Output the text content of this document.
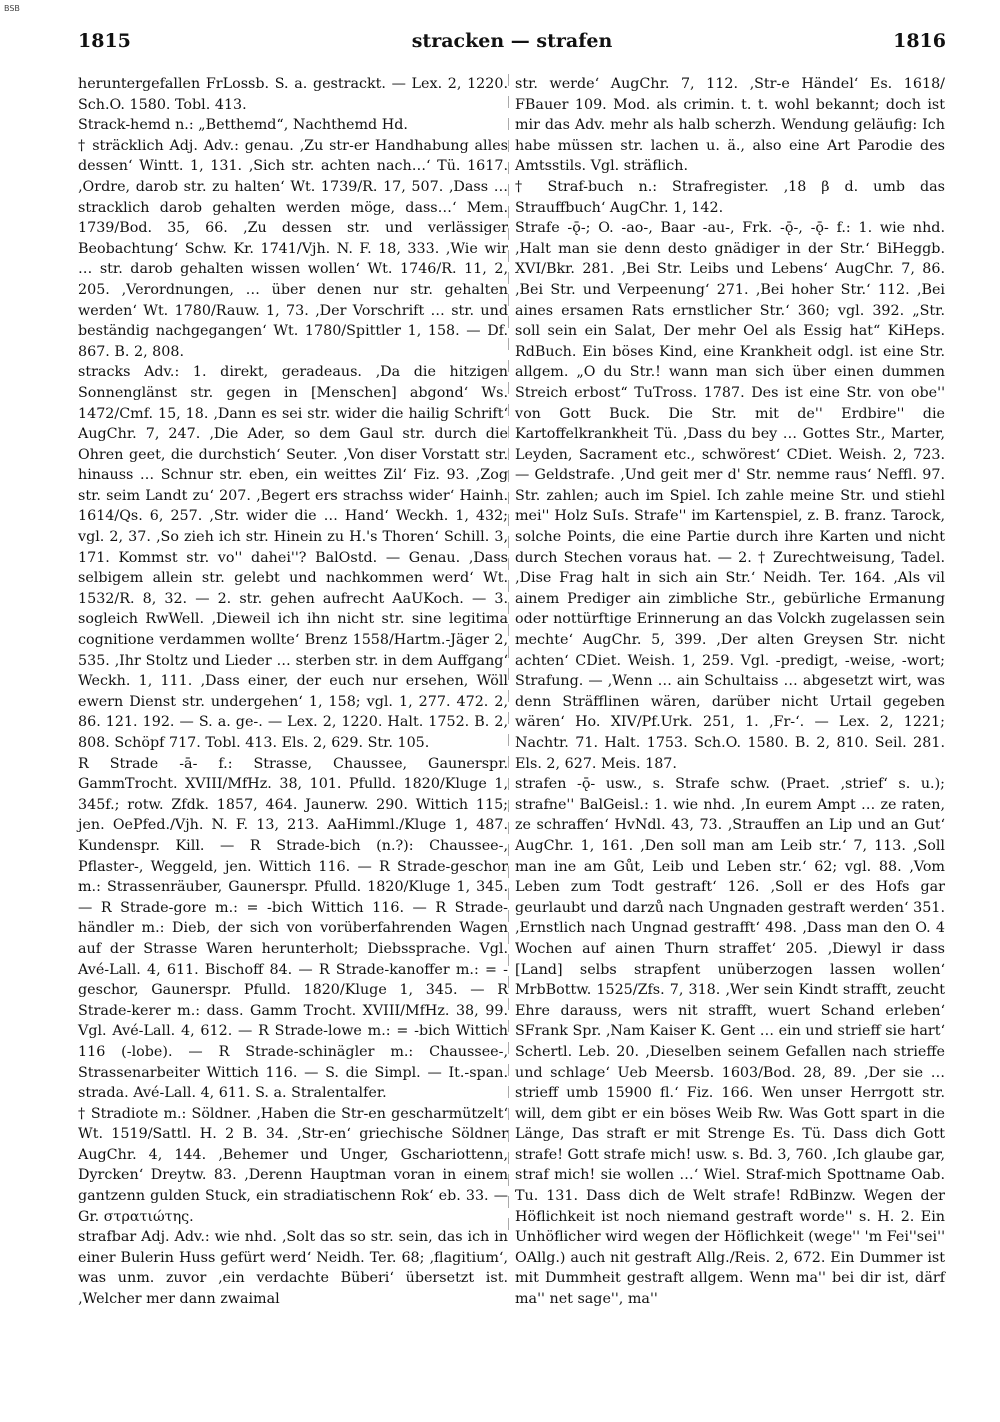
BSB
1815	stracken — strafen	1816

heruntergefallen FrLossb. S. a. gestrackt. — Lex. 2, 1220. Sch.O. 1580. Tobl. 413.

Strack-hemd n.: „Betthemd“, Nachthemd Hd.

† sträcklich Adj. Adv.: genau. ‚Zu str-er Handhabung alles dessen‘ Wintt. 1, 131. ‚Sich str. achten nach…‘ Tü. 1617. ‚Ordre, darob str. zu halten‘ Wt. 1739/R. 17, 507. ‚Dass … stracklich darob gehalten werden möge, dass…‘ Mem. 1739/Bod. 35, 66. ‚Zu dessen str. und verlässiger Beobachtung‘ Schw. Kr. 1741/Vjh. N. F. 18, 333. ‚Wie wir … str. darob gehalten wissen wollen‘ Wt. 1746/R. 11, 2, 205. ‚Verordnungen, … über denen nur str. gehalten werden‘ Wt. 1780/Rauw. 1, 73. ‚Der Vorschrift … str. und beständig nachgegangen‘ Wt. 1780/Spittler 1, 158. — Df. 867. B. 2, 808.

stracks Adv.: 1. direkt, geradeaus. ‚Da die hitzigen Sonnenglänst str. gegen in [Menschen] abgond‘ Ws. 1472/Cmf. 15, 18. ‚Dann es sei str. wider die hailig Schrift‘ AugChr. 7, 247. ‚Die Ader, so dem Gaul str. durch die Ohren geet, die durchstich‘ Seuter. ‚Von diser Vorstatt str. hinauss … Schnur str. eben, ein weittes Zil‘ Fiz. 93. ‚Zog str. seim Landt zu‘ 207. ‚Begert ers strachss wider‘ Hainh. 1614/Qs. 6, 257. ‚Str. wider die … Hand‘ Weckh. 1, 432; vgl. 2, 37. ‚So zieh ich str. Hinein zu H.'s Thoren‘ Schill. 3, 171. Kommst str. vo'' dahei''? BalOstd. — Genau. ‚Dass selbigem allein str. gelebt und nachkommen werd‘ Wt. 1532/R. 8, 32. — 2. str. gehen aufrecht AaUKoch. — 3. sogleich RwWell. ‚Dieweil ich ihn nicht str. sine legitima cognitione verdammen wollte‘ Brenz 1558/Hartm.-Jäger 2, 535. ‚Ihr Stoltz und Lieder … sterben str. in dem Auffgang‘ Weckh. 1, 111. ‚Dass einer, der euch nur ersehen, Wöll ewern Dienst str. undergehen‘ 1, 158; vgl. 1, 277. 472. 2, 86. 121. 192. — S. a. ge-. — Lex. 2, 1220. Halt. 1752. B. 2, 808. Schöpf 717. Tobl. 413. Els. 2, 629. Str. 105.

R Strade -ā- f.: Strasse, Chaussee, Gaunerspr. GammTrocht. XVIII/MfHz. 38, 101. Pfulld. 1820/Kluge 1, 345f.; rotw. Zfdk. 1857, 464. Jaunerw. 290. Wittich 115; jen. OePfed./Vjh. N. F. 13, 213. AaHimml./Kluge 1, 487. Kundenspr. Kill. — R Strade-bich (n.?): Chaussee-, Pflaster-, Weggeld, jen. Wittich 116. — R Strade-geschor m.: Strassenräuber, Gaunerspr. Pfulld. 1820/Kluge 1, 345. — R Strade-gore m.: = -bich Wittich 116. — R Strade-händler m.: Dieb, der sich von vorüberfahrenden Wagen auf der Strasse Waren herunterholt; Diebssprache. Vgl. Avé-Lall. 4, 611. Bischoff 84. — R Strade-kanoffer m.: = -geschor, Gaunerspr. Pfulld. 1820/Kluge 1, 345. — R Strade-kerer m.: dass. Gamm Trocht. XVIII/MfHz. 38, 99. Vgl. Avé-Lall. 4, 612. — R Strade-lowe m.: = -bich Wittich 116 (-lobe). — R Strade-schinägler m.: Chaussee-, Strassenarbeiter Wittich 116. — S. die Simpl. — It.-span. strada. Avé-Lall. 4, 611. S. a. Stralentalfer.

† Stradiote m.: Söldner. ‚Haben die Str-en gescharmützelt‘ Wt. 1519/Sattl. H. 2 B. 34. ‚Str-en‘ griechische Söldner AugChr. 4, 144. ‚Behemer und Unger, Gschariottenn, Dyrcken‘ Dreytw. 83. ‚Derenn Hauptman voran in einem gantzenn gulden Stuck, ein stradiatischenn Rok‘ eb. 33. — Gr. στρατιώτης.

strafbar Adj. Adv.: wie nhd. ‚Solt das so str. sein, das ich in einer Bulerin Huss gefürt werd‘ Neidh. Ter. 68; ‚flagitium‘, was unm. zuvor ‚ein verdachte Büberi‘ übersetzt ist. ‚Welcher mer dann zwaimal

str. werde‘ AugChr. 7, 112. ‚Str-e Händel‘ Es. 1618/ FBauer 109. Mod. als crimin. t. t. wohl bekannt; doch ist mir das Adv. mehr als halb scherzh. Wendung geläufig: Ich habe müssen str. lachen u. ä., also eine Art Parodie des Amtsstils. Vgl. sträflich.

† Straf-buch n.: Strafregister. ‚18 β d. umb das Strauffbuch‘ AugChr. 1, 142.

Strafe -ǭ-; O. -ao-, Baar -au-, Frk. -ǭ-, -ǭ- f.: 1. wie nhd. ‚Halt man sie denn desto gnädiger in der Str.‘ BiHeggb. XVI/Bkr. 281. ‚Bei Str. Leibs und Lebens‘ AugChr. 7, 86. ‚Bei Str. und Verpeenung‘ 271. ‚Bei hoher Str.‘ 112. ‚Bei aines ersamen Rats ernstlicher Str.‘ 360; vgl. 392. „Str. soll sein ein Salat, Der mehr Oel als Essig hat“ KiHeps. RdBuch. Ein böses Kind, eine Krankheit odgl. ist eine Str. allgem. „O du Str.! wann man sich über einen dummen Streich erbost“ TuTross. 1787. Des ist eine Str. von obe'' von Gott Buck. Die Str. mit de'' Erdbire'' die Kartoffelkrankheit Tü. ‚Dass du bey … Gottes Str., Marter, Leyden, Sacrament etc., schwörest‘ CDiet. Weish. 2, 723. — Geldstrafe. ‚Und geit mer d' Str. nemme raus‘ Neffl. 97. Str. zahlen; auch im Spiel. Ich zahle meine Str. und stiehl mei'' Holz SuIs. Strafe'' im Kartenspiel, z. B. franz. Tarock, solche Points, die eine Partie durch ihre Karten und nicht durch Stechen voraus hat. — 2. † Zurechtweisung, Tadel. ‚Dise Frag halt in sich ain Str.‘ Neidh. Ter. 164. ‚Als vil ainem Prediger ain zimbliche Str., gebürliche Ermanung oder nottürftige Erinnerung an das Volckh zugelassen sein mechte‘ AugChr. 5, 399. ‚Der alten Greysen Str. nicht achten‘ CDiet. Weish. 1, 259. Vgl. -predigt, -weise, -wort; Strafung. — ‚Wenn … ain Schultaiss … abgesetzt wirt, was denn Sträfflinen wären, darüber nicht Urtail gegeben wären‘ Ho. XIV/Pf.Urk. 251, 1. ‚Fr-‘. — Lex. 2, 1221; Nachtr. 71. Halt. 1753. Sch.O. 1580. B. 2, 810. Seil. 281. Els. 2, 627. Meis. 187.

strafen -ǭ- usw., s. Strafe schw. (Praet. ‚strief‘ s. u.); strafne'' BalGeisl.: 1. wie nhd. ‚In eurem Ampt … ze raten, ze schraffen‘ HvNdl. 43, 73. ‚Strauffen an Lip und an Gut‘ AugChr. 1, 161. ‚Den soll man am Leib str.‘ 7, 113. ‚Soll man ine am Gůt, Leib und Leben str.‘ 62; vgl. 88. ‚Vom Leben zum Todt gestraft‘ 126. ‚Soll er des Hofs gar geurlaubt und darzů nach Ungnaden gestraft werden‘ 351. ‚Ernstlich nach Ungnad gestrafft‘ 498. ‚Dass man den O. 4 Wochen auf ainen Thurn straffet‘ 205. ‚Diewyl ir dass [Land] selbs strapfent unüberzogen lassen wollen‘ MrbBottw. 1525/Zfs. 7, 318. ‚Wer sein Kindt strafft, zeucht Ehre darauss, wers nit strafft, wuert Schand erleben‘ SFrank Spr. ‚Nam Kaiser K. Gent … ein und strieff sie hart‘ Schertl. Leb. 20. ‚Dieselben seinem Gefallen nach strieffe und schlage‘ Ueb Meersb. 1603/Bod. 28, 89. ‚Der sie … strieff umb 15900 fl.‘ Fiz. 166. Wen unser Herrgott str. will, dem gibt er ein böses Weib Rw. Was Gott spart in die Länge, Das straft er mit Strenge Es. Tü. Dass dich Gott strafe! Gott strafe mich! usw. s. Bd. 3, 760. ‚Ich glaube gar, straf mich! sie wollen …‘ Wiel. Straf-mich Spottname Oab. Tu. 131. Dass dich de Welt strafe! RdBinzw. Wegen der Höflichkeit ist noch niemand gestraft worde'' s. H. 2. Ein Unhöflicher wird wegen der Höflichkeit (wege'' 'm Fei''sei'' OAllg.) auch nit gestraft Allg./Reis. 2, 672. Ein Dummer ist mit Dummheit gestraft allgem. Wenn ma'' bei dir ist, därf ma'' net sage'', ma''
